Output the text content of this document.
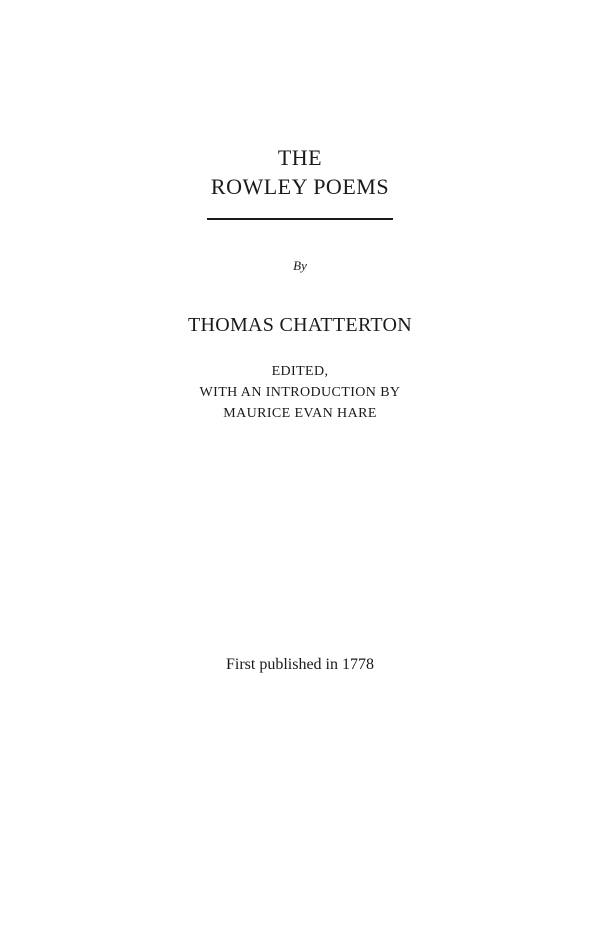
THE
ROWLEY POEMS
By
THOMAS CHATTERTON
EDITED,
WITH AN INTRODUCTION BY
MAURICE EVAN HARE
First published in 1778
